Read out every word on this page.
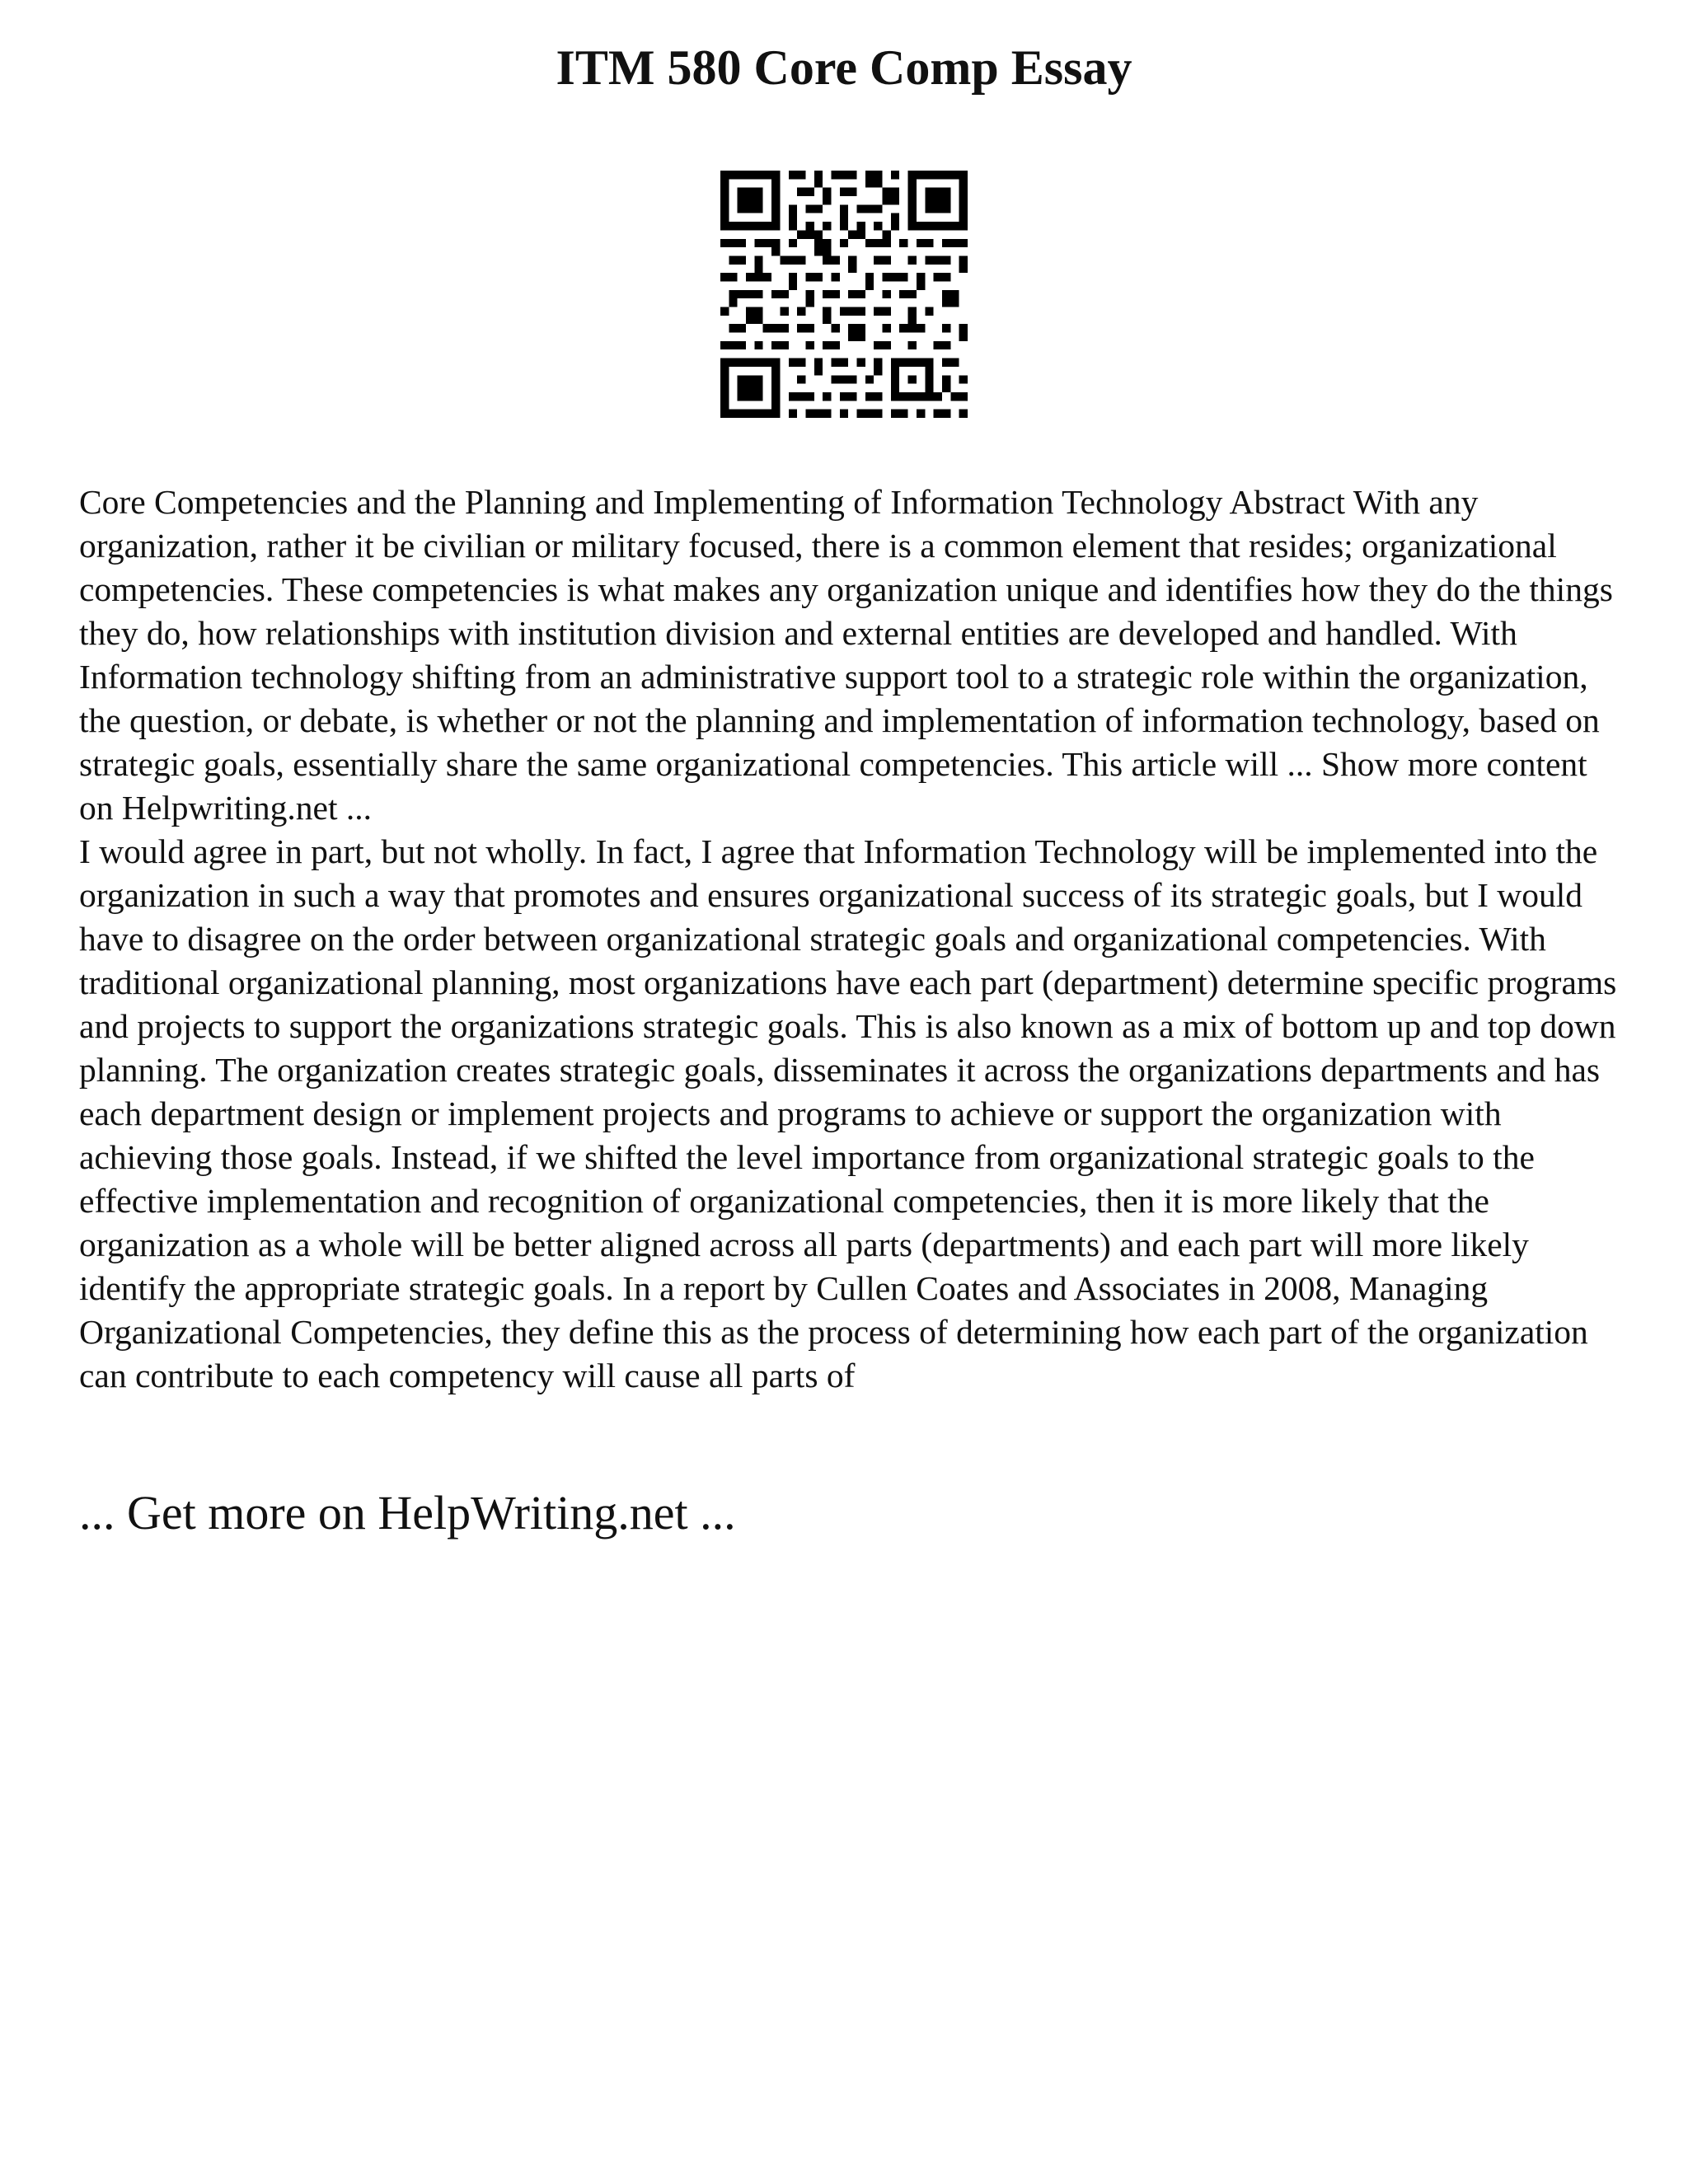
ITM 580 Core Comp Essay

Core Competencies and the Planning and Implementing of Information Technology Abstract With any organization, rather it be civilian or military focused, there is a common element that resides; organizational competencies. These competencies is what makes any organization unique and identifies how they do the things they do, how relationships with institution division and external entities are developed and handled. With Information technology shifting from an administrative support tool to a strategic role within the organization, the question, or debate, is whether or not the planning and implementation of information technology, based on strategic goals, essentially share the same organizational competencies. This article will ... Show more content on Helpwriting.net ...

I would agree in part, but not wholly. In fact, I agree that Information Technology will be implemented into the organization in such a way that promotes and ensures organizational success of its strategic goals, but I would have to disagree on the order between organizational strategic goals and organizational competencies. With traditional organizational planning, most organizations have each part (department) determine specific programs and projects to support the organizations strategic goals. This is also known as a mix of bottom up and top down planning. The organization creates strategic goals, disseminates it across the organizations departments and has each department design or implement projects and programs to achieve or support the organization with achieving those goals. Instead, if we shifted the level importance from organizational strategic goals to the effective implementation and recognition of organizational competencies, then it is more likely that the organization as a whole will be better aligned across all parts (departments) and each part will more likely identify the appropriate strategic goals. In a report by Cullen Coates and Associates in 2008, Managing Organizational Competencies, they define this as the process of determining how each part of the organization can contribute to each competency will cause all parts of

... Get more on HelpWriting.net ...
